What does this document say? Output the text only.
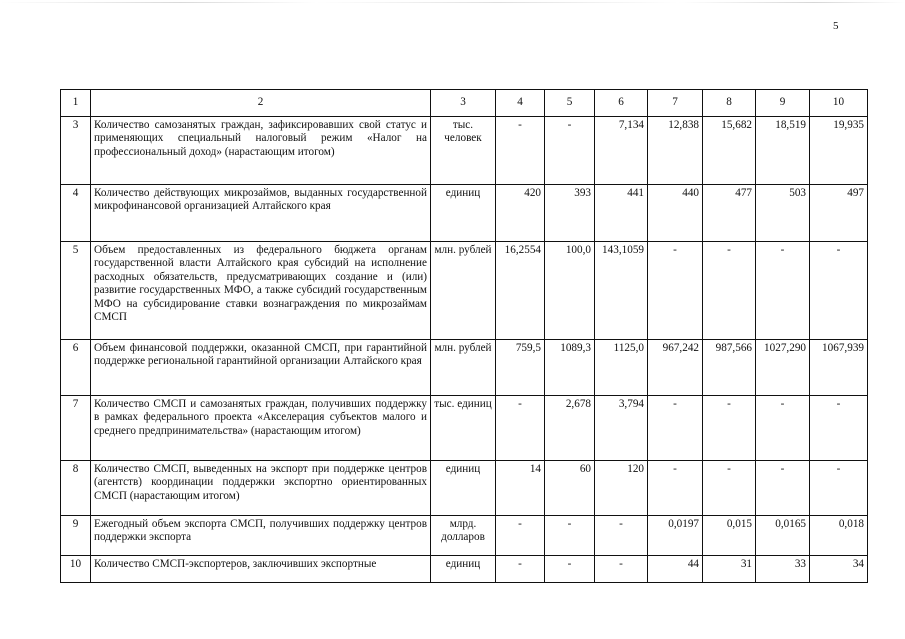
5
1	2	3	4	5	6	7	8	9	10
3	Количество самозанятых граждан, зафиксировавших свой статус и применяющих специальный налоговый режим «Налог на профессиональный доход» (нарастающим итогом)	тыс. человек	-	-	7,134	12,838	15,682	18,519	19,935
4	Количество действующих микрозаймов, выданных государственной микрофинансовой организацией Алтайского края	единиц	420	393	441	440	477	503	497
5	Объем предоставленных из федерального бюджета органам государственной власти Алтайского края субсидий на исполнение расходных обязательств, предусматривающих создание и (или) развитие государственных МФО, а также субсидий государственным МФО на субсидирование ставки вознаграждения по микрозаймам СМСП	млн. рублей	16,2554	100,0	143,1059	-	-	-	-
6	Объем финансовой поддержки, оказанной СМСП, при гарантийной поддержке региональной гарантийной организации Алтайского края	млн. рублей	759,5	1089,3	1125,0	967,242	987,566	1027,290	1067,939
7	Количество СМСП и самозанятых граждан, получивших поддержку в рамках федерального проекта «Акселерация субъектов малого и среднего предпринимательства» (нарастающим итогом)	тыс. единиц	-	2,678	3,794	-	-	-	-
8	Количество СМСП, выведенных на экспорт при поддержке центров (агентств) координации поддержки экспортно ориентированных СМСП (нарастающим итогом)	единиц	14	60	120	-	-	-	-
9	Ежегодный объем экспорта СМСП, получивших поддержку центров поддержки экспорта	млрд. долларов	-	-	-	0,0197	0,015	0,0165	0,018
10	Количество СМСП-экспортеров, заключивших экспортные	единиц	-	-	-	44	31	33	34
